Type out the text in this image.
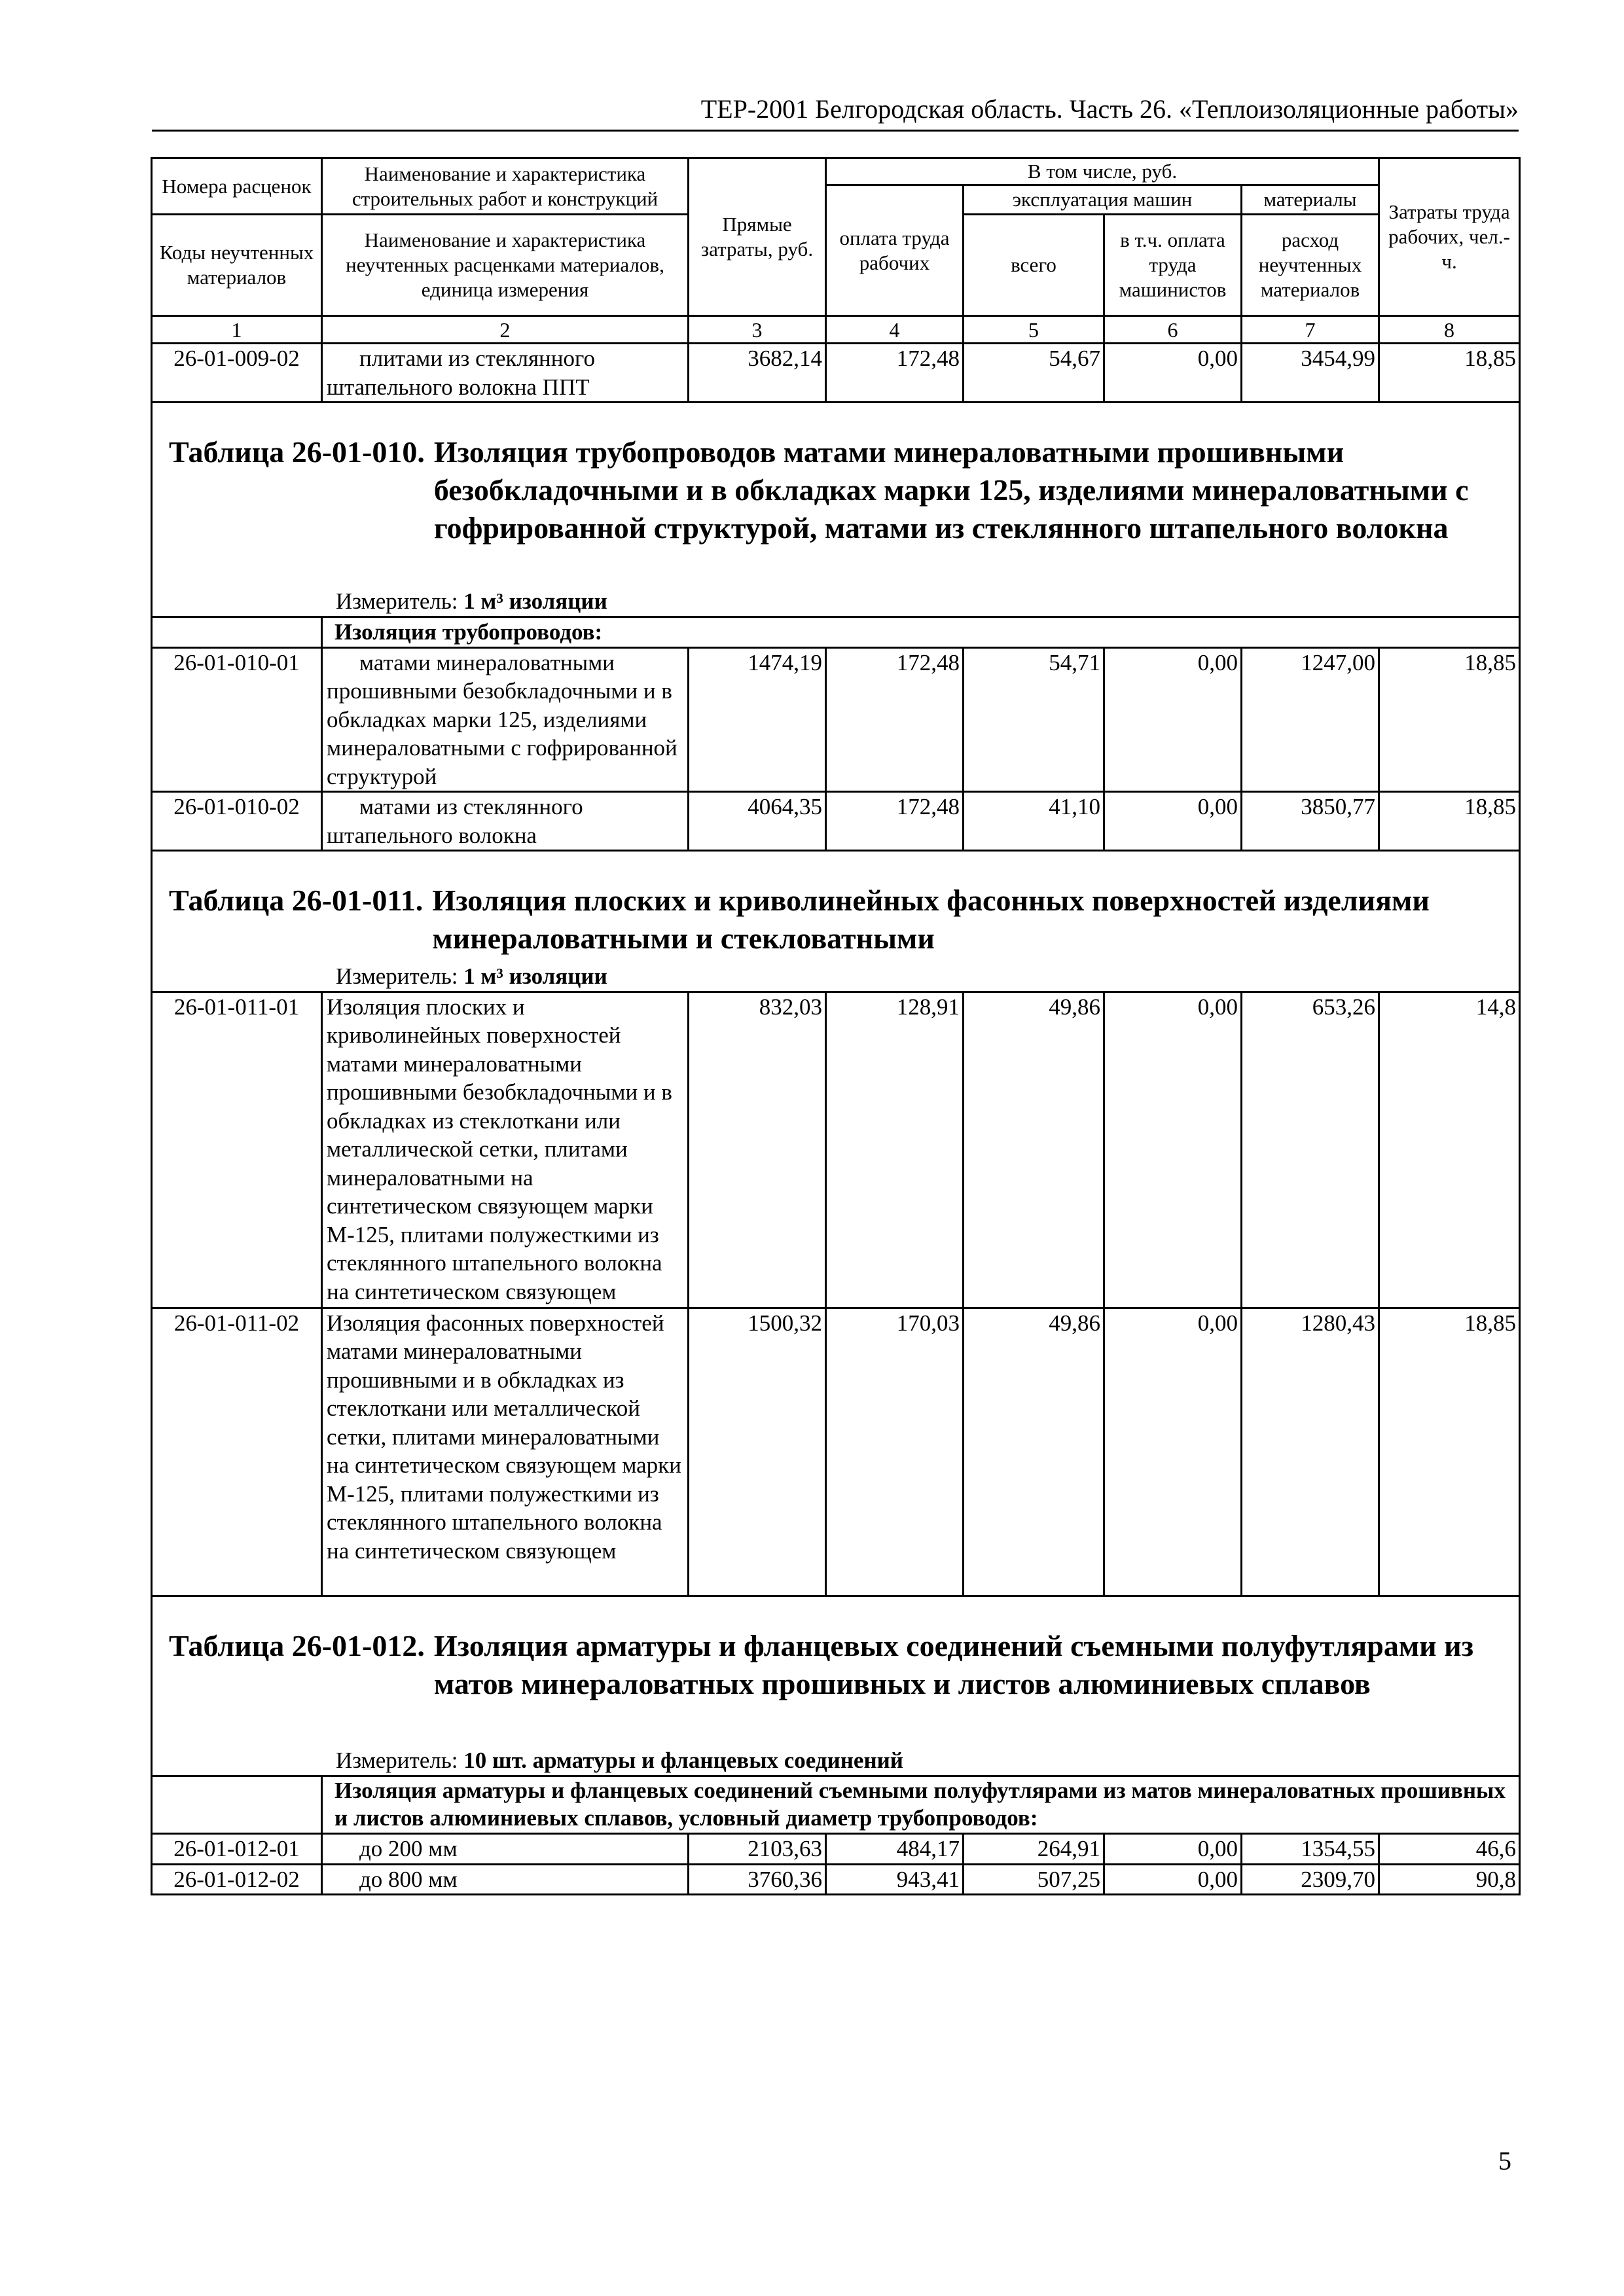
ТЕР-2001 Белгородская область. Часть 26. «Теплоизоляционные работы»
Номера расценок	Наименование и характеристика строительных работ и конструкций	Прямые затраты, руб.	В том числе, руб.				Затраты труда рабочих, чел.-ч.
			оплата труда рабочих	эксплуатация машин		материалы	
Коды неучтенных материалов	Наименование и характеристика неучтенных расценками материалов, единица измерения			всего	в т.ч. оплата труда машинистов	расход неучтенных материалов	
1	2	3	4	5	6	7	8
26-01-009-02	плитами из стеклянного штапельного волокна ППТ	3682,14	172,48	54,67	0,00	3454,99	18,85

Таблица 26-01-010. Изоляция трубопроводов матами минераловатными прошивными безобкладочными и в обкладках марки 125, изделиями минераловатными с гофрированной структурой, матами из стеклянного штапельного волокна							

Измеритель: 1 м³ изоляции							
	Изоляция трубопроводов:						
26-01-010-01	матами минераловатными прошивными безобкладочными и в обкладках марки 125, изделиями минераловатными с гофрированной структурой	1474,19	172,48	54,71	0,00	1247,00	18,85
26-01-010-02	матами из стеклянного штапельного волокна	4064,35	172,48	41,10	0,00	3850,77	18,85

Таблица 26-01-011. Изоляция плоских и криволинейных фасонных поверхностей изделиями минераловатными и стекловатными							

Измеритель: 1 м³ изоляции							
26-01-011-01	Изоляция плоских и криволинейных поверхностей матами минераловатными прошивными безобкладочными и в обкладках из стеклоткани или металлической сетки, плитами минераловатными на синтетическом связующем марки М-125, плитами полужесткими из стеклянного штапельного волокна на синтетическом связующем	832,03	128,91	49,86	0,00	653,26	14,8
26-01-011-02	Изоляция фасонных поверхностей матами минераловатными прошивными и в обкладках из стеклоткани или металлической сетки, плитами минераловатными на синтетическом связующем марки М-125, плитами полужесткими из стеклянного штапельного волокна на синтетическом связующем	1500,32	170,03	49,86	0,00	1280,43	18,85

Таблица 26-01-012. Изоляция арматуры и фланцевых соединений съемными полуфутлярами из матов минераловатных прошивных и листов алюминиевых сплавов							

Измеритель: 10 шт. арматуры и фланцевых соединений							
	Изоляция арматуры и фланцевых соединений съемными полуфутлярами из матов минераловатных прошивных и листов алюминиевых сплавов, условный диаметр трубопроводов:						
26-01-012-01	до 200 мм	2103,63	484,17	264,91	0,00	1354,55	46,6
26-01-012-02	до 800 мм	3760,36	943,41	507,25	0,00	2309,70	90,8
5
